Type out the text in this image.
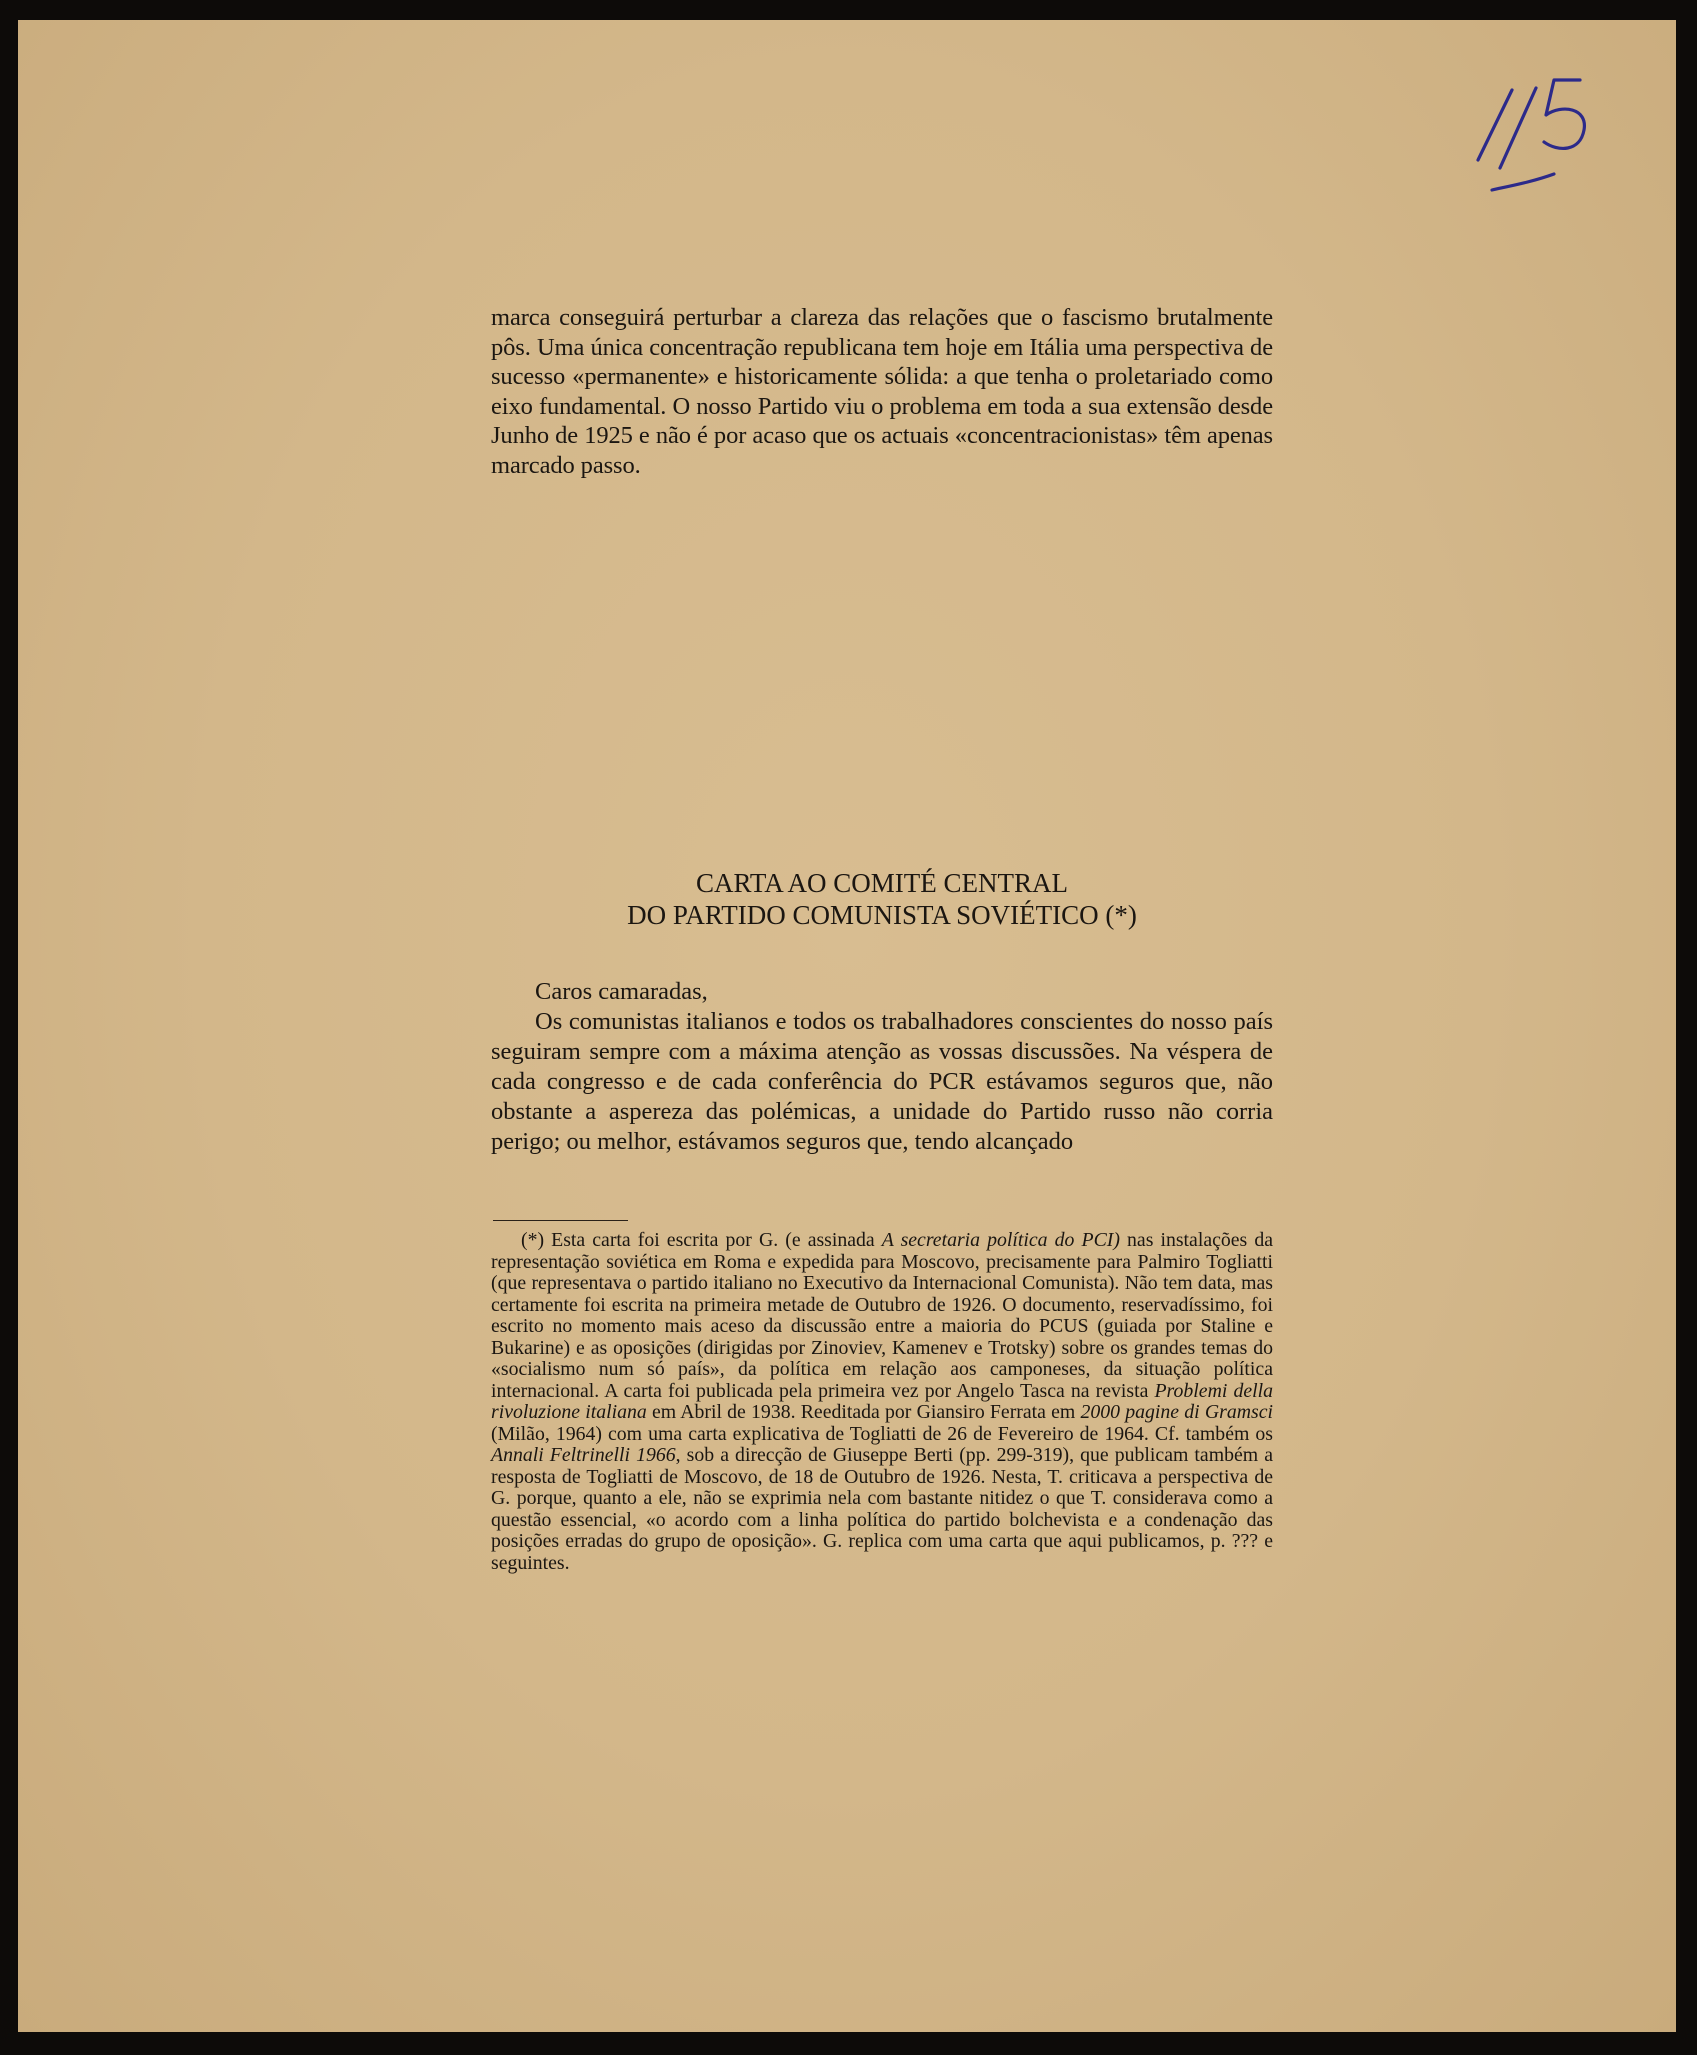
marca conseguirá perturbar a clareza das relações que o fascismo brutalmente pôs. Uma única concentração republicana tem hoje em Itália uma perspectiva de sucesso «permanente» e historicamente sólida: a que tenha o proletariado como eixo fundamental. O nosso Partido viu o problema em toda a sua extensão desde Junho de 1925 e não é por acaso que os actuais «concentracionistas» têm apenas marcado passo.
CARTA AO COMITÉ CENTRAL
DO PARTIDO COMUNISTA SOVIÉTICO (*)

Caros camaradas,

Os comunistas italianos e todos os trabalhadores conscientes do nosso país seguiram sempre com a máxima atenção as vossas discussões. Na véspera de cada congresso e de cada conferência do PCR estávamos seguros que, não obstante a aspereza das polémicas, a unidade do Partido russo não corria perigo; ou melhor, estávamos seguros que, tendo alcançado

(*) Esta carta foi escrita por G. (e assinada A secretaria política do PCI) nas instalações da representação soviética em Roma e expedida para Moscovo, precisamente para Palmiro Togliatti (que representava o partido italiano no Executivo da Internacional Comunista). Não tem data, mas certamente foi escrita na primeira metade de Outubro de 1926. O documento, reservadíssimo, foi escrito no momento mais aceso da discussão entre a maioria do PCUS (guiada por Staline e Bukarine) e as oposições (dirigidas por Zinoviev, Kamenev e Trotsky) sobre os grandes temas do «socialismo num só país», da política em relação aos camponeses, da situação política internacional. A carta foi publicada pela primeira vez por Angelo Tasca na revista Problemi della rivoluzione italiana em Abril de 1938. Reeditada por Giansiro Ferrata em 2000 pagine di Gramsci (Milão, 1964) com uma carta explicativa de Togliatti de 26 de Fevereiro de 1964. Cf. também os Annali Feltrinelli 1966, sob a direcção de Giuseppe Berti (pp. 299-319), que publicam também a resposta de Togliatti de Moscovo, de 18 de Outubro de 1926. Nesta, T. criticava a perspectiva de G. porque, quanto a ele, não se exprimia nela com bastante nitidez o que T. considerava como a questão essencial, «o acordo com a linha política do partido bolchevista e a condenação das posições erradas do grupo de oposição». G. replica com uma carta que aqui publicamos, p. ??? e seguintes.
